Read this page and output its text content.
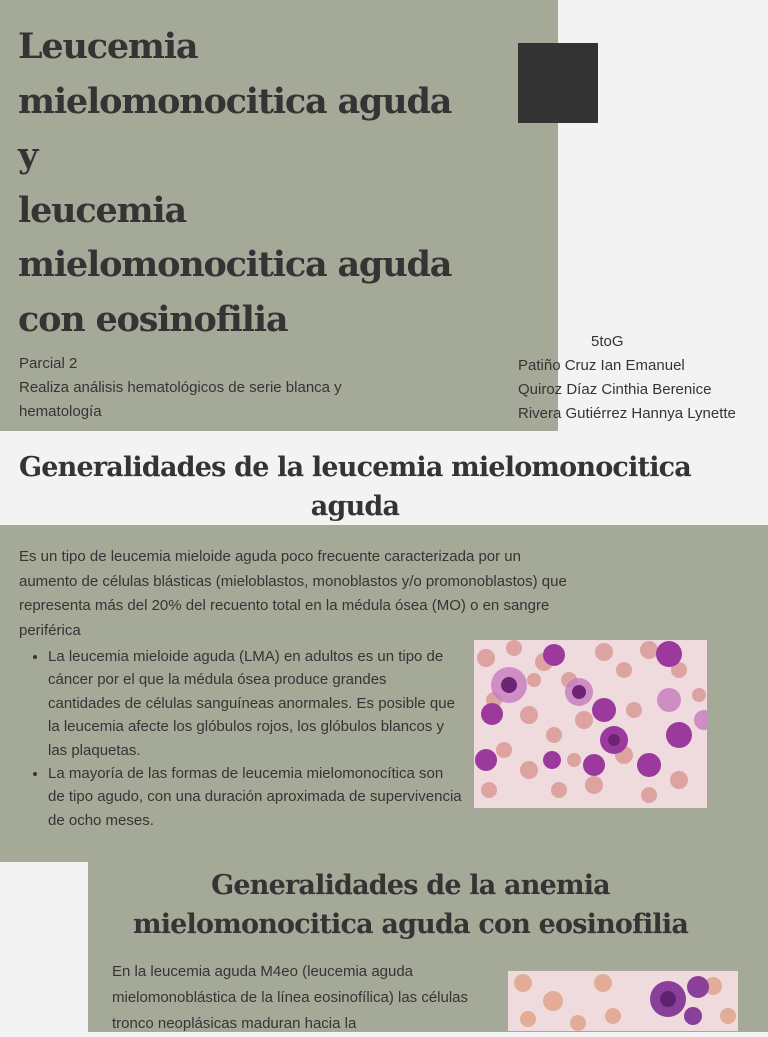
Leucemia
mielomonocitica aguda
y
leucemia
mielomonocitica aguda
con eosinofilia

Parcial 2

Realiza análisis hematológicos de serie blanca y hematología

5toG

Patiño Cruz Ian Emanuel

Quiroz Díaz Cinthia Berenice

Rivera Gutiérrez Hannya Lynette

Generalidades de la leucemia mielomonocitica aguda

Es un tipo de leucemia mieloide aguda poco frecuente caracterizada por un aumento de células blásticas (mieloblastos, monoblastos y/o promonoblastos) que representa más del 20% del recuento total en la médula ósea (MO) o en sangre periférica

• La leucemia mieloide aguda (LMA) en adultos es un tipo de cáncer por el que la médula ósea produce grandes cantidades de células sanguíneas anormales. Es posible que la leucemia afecte los glóbulos rojos, los glóbulos blancos y las plaquetas.
• La mayoría de las formas de leucemia mielomonocítica son de tipo agudo, con una duración aproximada de supervivencia de ocho meses.
Generalidades de la anemia mielomonocitica aguda con eosinofilia

En la leucemia aguda M4eo (leucemia aguda mielomonoblástica de la línea eosinofílica) las células tronco neoplásicas maduran hacia la
